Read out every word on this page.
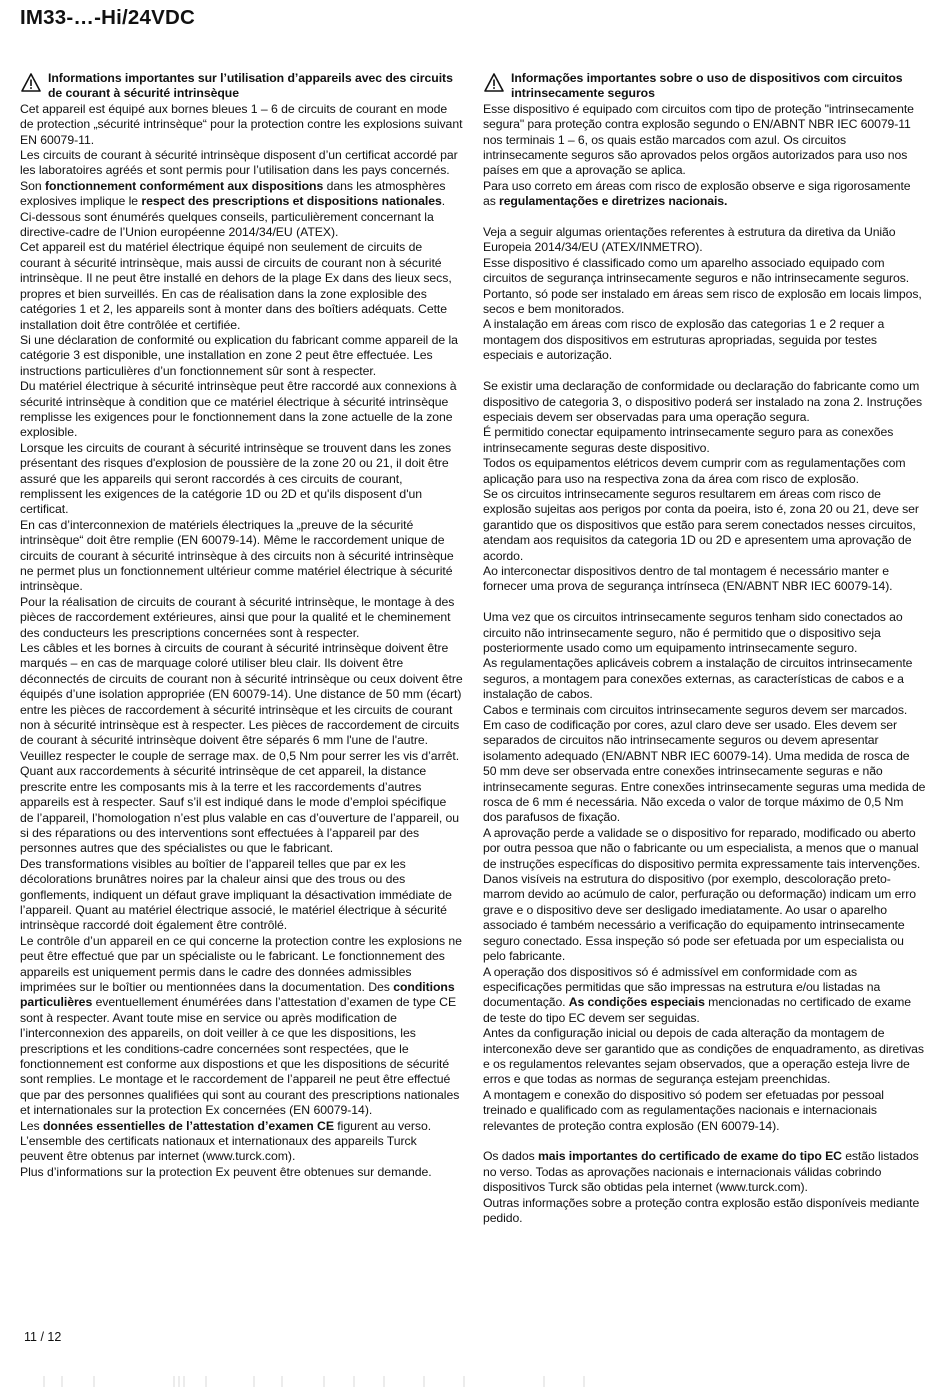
IM33-…-Hi/24VDC
Informations importantes sur l’utilisation d’appareils avec des circuits de courant à sécurité intrinsèque

Cet appareil est équipé aux bornes bleues 1 – 6 de circuits de courant en mode de protection „sécurité intrinsèque“ pour la protection contre les explosions suivant EN 60079-11.

Les circuits de courant à sécurité intrinsèque disposent d’un certificat accordé par les laboratoires agréés et sont permis pour l’utilisation dans les pays concernés.

Son fonctionnement conformément aux dispositions dans les atmosphères explosives implique le respect des prescriptions et dispositions nationales.

Ci-dessous sont énumérés quelques conseils, particulièrement concernant la directive-cadre de l’Union européenne 2014/34/EU (ATEX).

Cet appareil est du matériel électrique équipé non seulement de circuits de courant à sécurité intrinsèque, mais aussi de circuits de courant non à sécurité intrinsèque. Il ne peut être installé en dehors de la plage Ex dans des lieux secs, propres et bien surveillés. En cas de réalisation dans la zone explosible des catégories 1 et 2, les appareils sont à monter dans des boîtiers adéquats. Cette installation doit être contrôlée et certifiée.

Si une déclaration de conformité ou explication du fabricant comme appareil de la catégorie 3 est disponible, une installation en zone 2 peut être effectuée. Les instructions particulières d’un fonctionnement sûr sont à respecter.

Du matériel électrique à sécurité intrinsèque peut être raccordé aux connexions à sécurité intrinsèque à condition que ce matériel électrique à sécurité intrinsèque remplisse les exigences pour le fonctionnement dans la zone actuelle de la zone explosible.

Lorsque les circuits de courant à sécurité intrinsèque se trouvent dans les zones présentant des risques d'explosion de poussière de la zone 20 ou 21, il doit être assuré que les appareils qui seront raccordés à ces circuits de courant, remplissent les exigences de la catégorie 1D ou 2D et qu'ils disposent d'un certificat.

En cas d’interconnexion de matériels électriques la „preuve de la sécurité intrinsèque“ doit être remplie (EN 60079-14). Même le raccordement unique de circuits de courant à sécurité intrinsèque à des circuits non à sécurité intrinsèque ne permet plus un fonctionnement ultérieur comme matériel électrique à sécurité intrinsèque.

Pour la réalisation de circuits de courant à sécurité intrinsèque, le montage à des pièces de raccordement extérieures, ainsi que pour la qualité et le cheminement des conducteurs les prescriptions concernées sont à respecter.

Les câbles et les bornes à circuits de courant à sécurité intrinsèque doivent être marqués – en cas de marquage coloré utiliser bleu clair. Ils doivent être déconnectés de circuits de courant non à sécurité intrinsèque ou ceux doivent être équipés d’une isolation appropriée (EN 60079-14). Une distance de 50 mm (écart) entre les pièces de raccordement à sécurité intrinsèque et les circuits de courant non à sécurité intrinsèque est à respecter. Les pièces de raccordement de circuits de courant à sécurité intrinsèque doivent être séparés 6 mm l'une de l'autre.

Veuillez respecter le couple de serrage max. de 0,5 Nm pour serrer les vis d’arrêt.

Quant aux raccordements à sécurité intrinsèque de cet appareil, la distance prescrite entre les composants mis à la terre et les raccordements d’autres appareils est à respecter. Sauf s’il est indiqué dans le mode d’emploi spécifique de l’appareil, l’homologation n’est plus valable en cas d’ouverture de l’appareil, ou si des réparations ou des interventions sont effectuées à l’appareil par des personnes autres que des spécialistes ou que le fabricant.

Des transformations visibles au boîtier de l’appareil telles que par ex les décolorations brunâtres noires par la chaleur ainsi que des trous ou des gonflements, indiquent un défaut grave impliquant la désactivation immédiate de l’appareil. Quant au matériel électrique associé, le matériel électrique à sécurité intrinsèque raccordé doit également être contrôlé.

Le contrôle d’un appareil en ce qui concerne la protection contre les explosions ne peut être effectué que par un spécialiste ou le fabricant. Le fonctionnement des appareils est uniquement permis dans le cadre des données admissibles imprimées sur le boîtier ou mentionnées dans la documentation. Des conditions particulières eventuellement énumérées dans l’attestation d’examen de type CE sont à respecter. Avant toute mise en service ou après modification de l’interconnexion des appareils, on doit veiller à ce que les dispositions, les prescriptions et les conditions-cadre concernées sont respectées, que le fonctionnement est conforme aux dispostions et que les dispositions de sécurité sont remplies. Le montage et le raccordement de l’appareil ne peut être effectué que par des personnes qualifiées qui sont au courant des prescriptions nationales et internationales sur la protection Ex concernées (EN 60079-14).

Les données essentielles de l’attestation d’examen CE figurent au verso. L’ensemble des certificats nationaux et internationaux des appareils Turck peuvent être obtenus par internet (www.turck.com).

Plus d’informations sur la protection Ex peuvent être obtenues sur demande.

Informações importantes sobre o uso de dispositivos com circuitos intrinsecamente seguros

Esse dispositivo é equipado com circuitos com tipo de proteção "intrinsecamente segura" para proteção contra explosão segundo o EN/ABNT NBR IEC 60079-11 nos terminais 1 – 6, os quais estão marcados com azul. Os circuitos intrinsecamente seguros são aprovados pelos orgãos autorizados para uso nos países em que a aprovação se aplica.

Para uso correto em áreas com risco de explosão observe e siga rigorosamente as regulamentações e diretrizes nacionais.

Veja a seguir algumas orientações referentes à estrutura da diretiva da União Europeia 2014/34/EU (ATEX/INMETRO).

Esse dispositivo é classificado como um aparelho associado equipado com circuitos de segurança intrinsecamente seguros e não intrinsecamente seguros. Portanto, só pode ser instalado em áreas sem risco de explosão em locais limpos, secos e bem monitorados.

A instalação em áreas com risco de explosão das categorias 1 e 2 requer a montagem dos dispositivos em estruturas apropriadas, seguida por testes especiais e autorização.

Se existir uma declaração de conformidade ou declaração do fabricante como um dispositivo de categoria 3, o dispositivo poderá ser instalado na zona 2. Instruções especiais devem ser observadas para uma operação segura.

É permitido conectar equipamento intrinsecamente seguro para as conexões intrinsecamente seguras deste dispositivo.

Todos os equipamentos elétricos devem cumprir com as regulamentações com aplicação para uso na respectiva zona da área com risco de explosão.

Se os circuitos intrinsecamente seguros resultarem em áreas com risco de explosão sujeitas aos perigos por conta da poeira, isto é, zona 20 ou 21, deve ser garantido que os dispositivos que estão para serem conectados nesses circuitos, atendam aos requisitos da categoria 1D ou 2D e apresentem uma aprovação de acordo.

Ao interconectar dispositivos dentro de tal montagem é necessário manter e fornecer uma prova de segurança intrínseca (EN/ABNT NBR IEC 60079-14).

Uma vez que os circuitos intrinsecamente seguros tenham sido conectados ao circuito não intrinsecamente seguro, não é permitido que o dispositivo seja posteriormente usado como um equipamento intrinsecamente seguro.

As regulamentações aplicáveis cobrem a instalação de circuitos intrinsecamente seguros, a montagem para conexões externas, as características de cabos e a instalação de cabos.

Cabos e terminais com circuitos intrinsecamente seguros devem ser marcados. Em caso de codificação por cores, azul claro deve ser usado. Eles devem ser separados de circuitos não intrinsecamente seguros ou devem apresentar isolamento adequado (EN/ABNT NBR IEC 60079-14). Uma medida de rosca de 50 mm deve ser observada entre conexões intrinsecamente seguras e não intrinsecamente seguras. Entre conexões intrinsecamente seguras uma medida de rosca de 6 mm é necessária. Não exceda o valor de torque máximo de 0,5 Nm dos parafusos de fixação.

A aprovação perde a validade se o dispositivo for reparado, modificado ou aberto por outra pessoa que não o fabricante ou um especialista, a menos que o manual de instruções específicas do dispositivo permita expressamente tais intervenções.

Danos visíveis na estrutura do dispositivo (por exemplo, descoloração preto-marrom devido ao acúmulo de calor, perfuração ou deformação) indicam um erro grave e o dispositivo deve ser desligado imediatamente. Ao usar o aparelho associado é também necessário a verificação do equipamento intrinsecamente seguro conectado. Essa inspeção só pode ser efetuada por um especialista ou pelo fabricante.

A operação dos dispositivos só é admissível em conformidade com as especificações permitidas que são impressas na estrutura e/ou listadas na documentação. As condições especiais mencionadas no certificado de exame de teste do tipo EC devem ser seguidas.

Antes da configuração inicial ou depois de cada alteração da montagem de interconexão deve ser garantido que as condições de enquadramento, as diretivas e os regulamentos relevantes sejam observados, que a operação esteja livre de erros e que todas as normas de segurança estejam preenchidas.

A montagem e conexão do dispositivo só podem ser efetuadas por pessoal treinado e qualificado com as regulamentações nacionais e internacionais relevantes de proteção contra explosão (EN 60079-14).

Os dados mais importantes do certificado de exame do tipo EC estão listados no verso. Todas as aprovações nacionais e internacionais válidas cobrindo dispositivos Turck são obtidas pela internet (www.turck.com).

Outras informações sobre a proteção contra explosão estão disponíveis mediante pedido.

11 / 12
